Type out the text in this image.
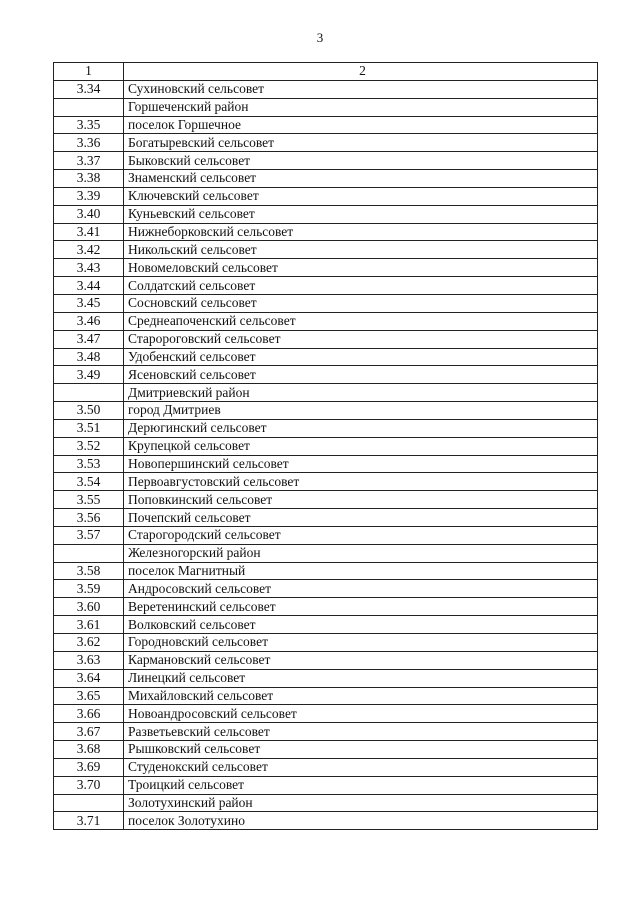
3
1	2
3.34	Сухиновский сельсовет
	Горшеченский район
3.35	поселок Горшечное
3.36	Богатыревский сельсовет
3.37	Быковский сельсовет
3.38	Знаменский сельсовет
3.39	Ключевский сельсовет
3.40	Куньевский сельсовет
3.41	Нижнеборковский сельсовет
3.42	Никольский сельсовет
3.43	Новомеловский сельсовет
3.44	Солдатский сельсовет
3.45	Сосновский сельсовет
3.46	Среднеапоченский сельсовет
3.47	Старороговский сельсовет
3.48	Удобенский сельсовет
3.49	Ясеновский сельсовет
	Дмитриевский район
3.50	город Дмитриев
3.51	Дерюгинский сельсовет
3.52	Крупецкой сельсовет
3.53	Новопершинский сельсовет
3.54	Первоавгустовский сельсовет
3.55	Поповкинский сельсовет
3.56	Почепский сельсовет
3.57	Старогородский сельсовет
	Железногорский район
3.58	поселок Магнитный
3.59	Андросовский сельсовет
3.60	Веретенинский сельсовет
3.61	Волковский сельсовет
3.62	Городновский сельсовет
3.63	Кармановский сельсовет
3.64	Линецкий сельсовет
3.65	Михайловский сельсовет
3.66	Новоандросовский сельсовет
3.67	Разветьевский сельсовет
3.68	Рышковский сельсовет
3.69	Студенокский сельсовет
3.70	Троицкий сельсовет
	Золотухинский район
3.71	поселок Золотухино
